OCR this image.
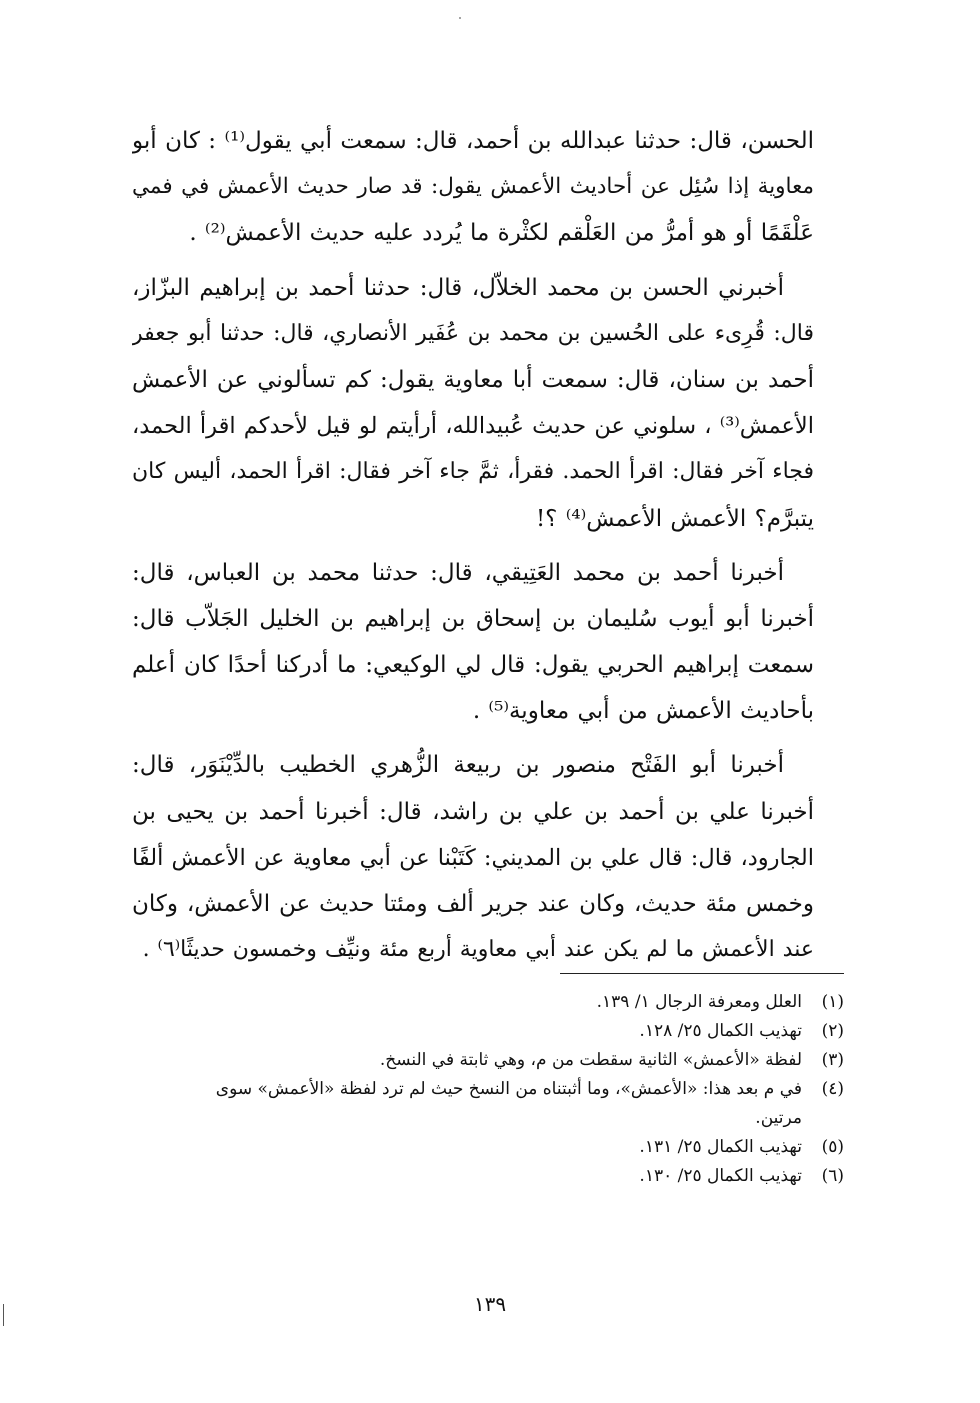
الحسن، قال: حدثنا عبدالله بن أحمد، قال: سمعت أبي يقول⁽¹⁾ : كان أبو
معاوية إذا سُئِل عن أحاديث الأعمش يقول: قد صار حديث الأعمش في فمي
عَلْقَمًا أو هو أمرُّ من العَلْقم لكثْرة ما يُردد عليه حديث الأعمش⁽²⁾ .
أخبرني الحسن بن محمد الخلاّل، قال: حدثنا أحمد بن إبراهيم البزّاز،
قال: قُرِىء على الحُسين بن محمد بن عُفَير الأنصاري، قال: حدثنا أبو جعفر
أحمد بن سنان، قال: سمعت أبا معاوية يقول: كم تسألوني عن الأعمش
الأعمش⁽³⁾ ، سلوني عن حديث عُبيدالله، أرأيتم لو قيل لأحدكم اقرأ الحمد،
فجاء آخر فقال: اقرأ الحمد. فقرأ، ثمَّ جاء آخر فقال: اقرأ الحمد، أليس كان
يتبرَّم؟ الأعمش الأعمش⁽⁴⁾ ؟!
أخبرنا أحمد بن محمد العَتِيقي، قال: حدثنا محمد بن العباس، قال:
أخبرنا أبو أيوب سُليمان بن إسحاق بن إبراهيم بن الخليل الجَلاّب قال:
سمعت إبراهيم الحربي يقول: قال لي الوكيعي: ما أدركنا أحدًا كان أعلم
بأحاديث الأعمش من أبي معاوية⁽⁵⁾ .
أخبرنا أبو الفَتْح منصور بن ربيعة الزُّهري الخطيب بالدِّيْنَوَر، قال:
أخبرنا علي بن أحمد بن علي بن راشد، قال: أخبرنا أحمد بن يحيى بن
الجارود، قال: قال علي بن المديني: كَتَبْنا عن أبي معاوية عن الأعمش ألفًا
وخمس مئة حديث، وكان عند جرير ألف ومئتا حديث عن الأعمش، وكان
عند الأعمش ما لم يكن عند أبي معاوية أربع مئة ونيِّف وخمسون حديثًا⁽٦⁾ .
(١)
العلل ومعرفة الرجال ١/ ١٣٩.
(٢)
تهذيب الكمال ٢٥/ ١٢٨.
(٣)
لفظة «الأعمش» الثانية سقطت من م، وهي ثابتة في النسخ.
(٤)
في م بعد هذا: «الأعمش»، وما أثبتناه من النسخ حيث لم ترد لفظة «الأعمش» سوى
مرتين.
(٥)
تهذيب الكمال ٢٥/ ١٣١.
(٦)
تهذيب الكمال ٢٥/ ١٣٠.
١٣٩
